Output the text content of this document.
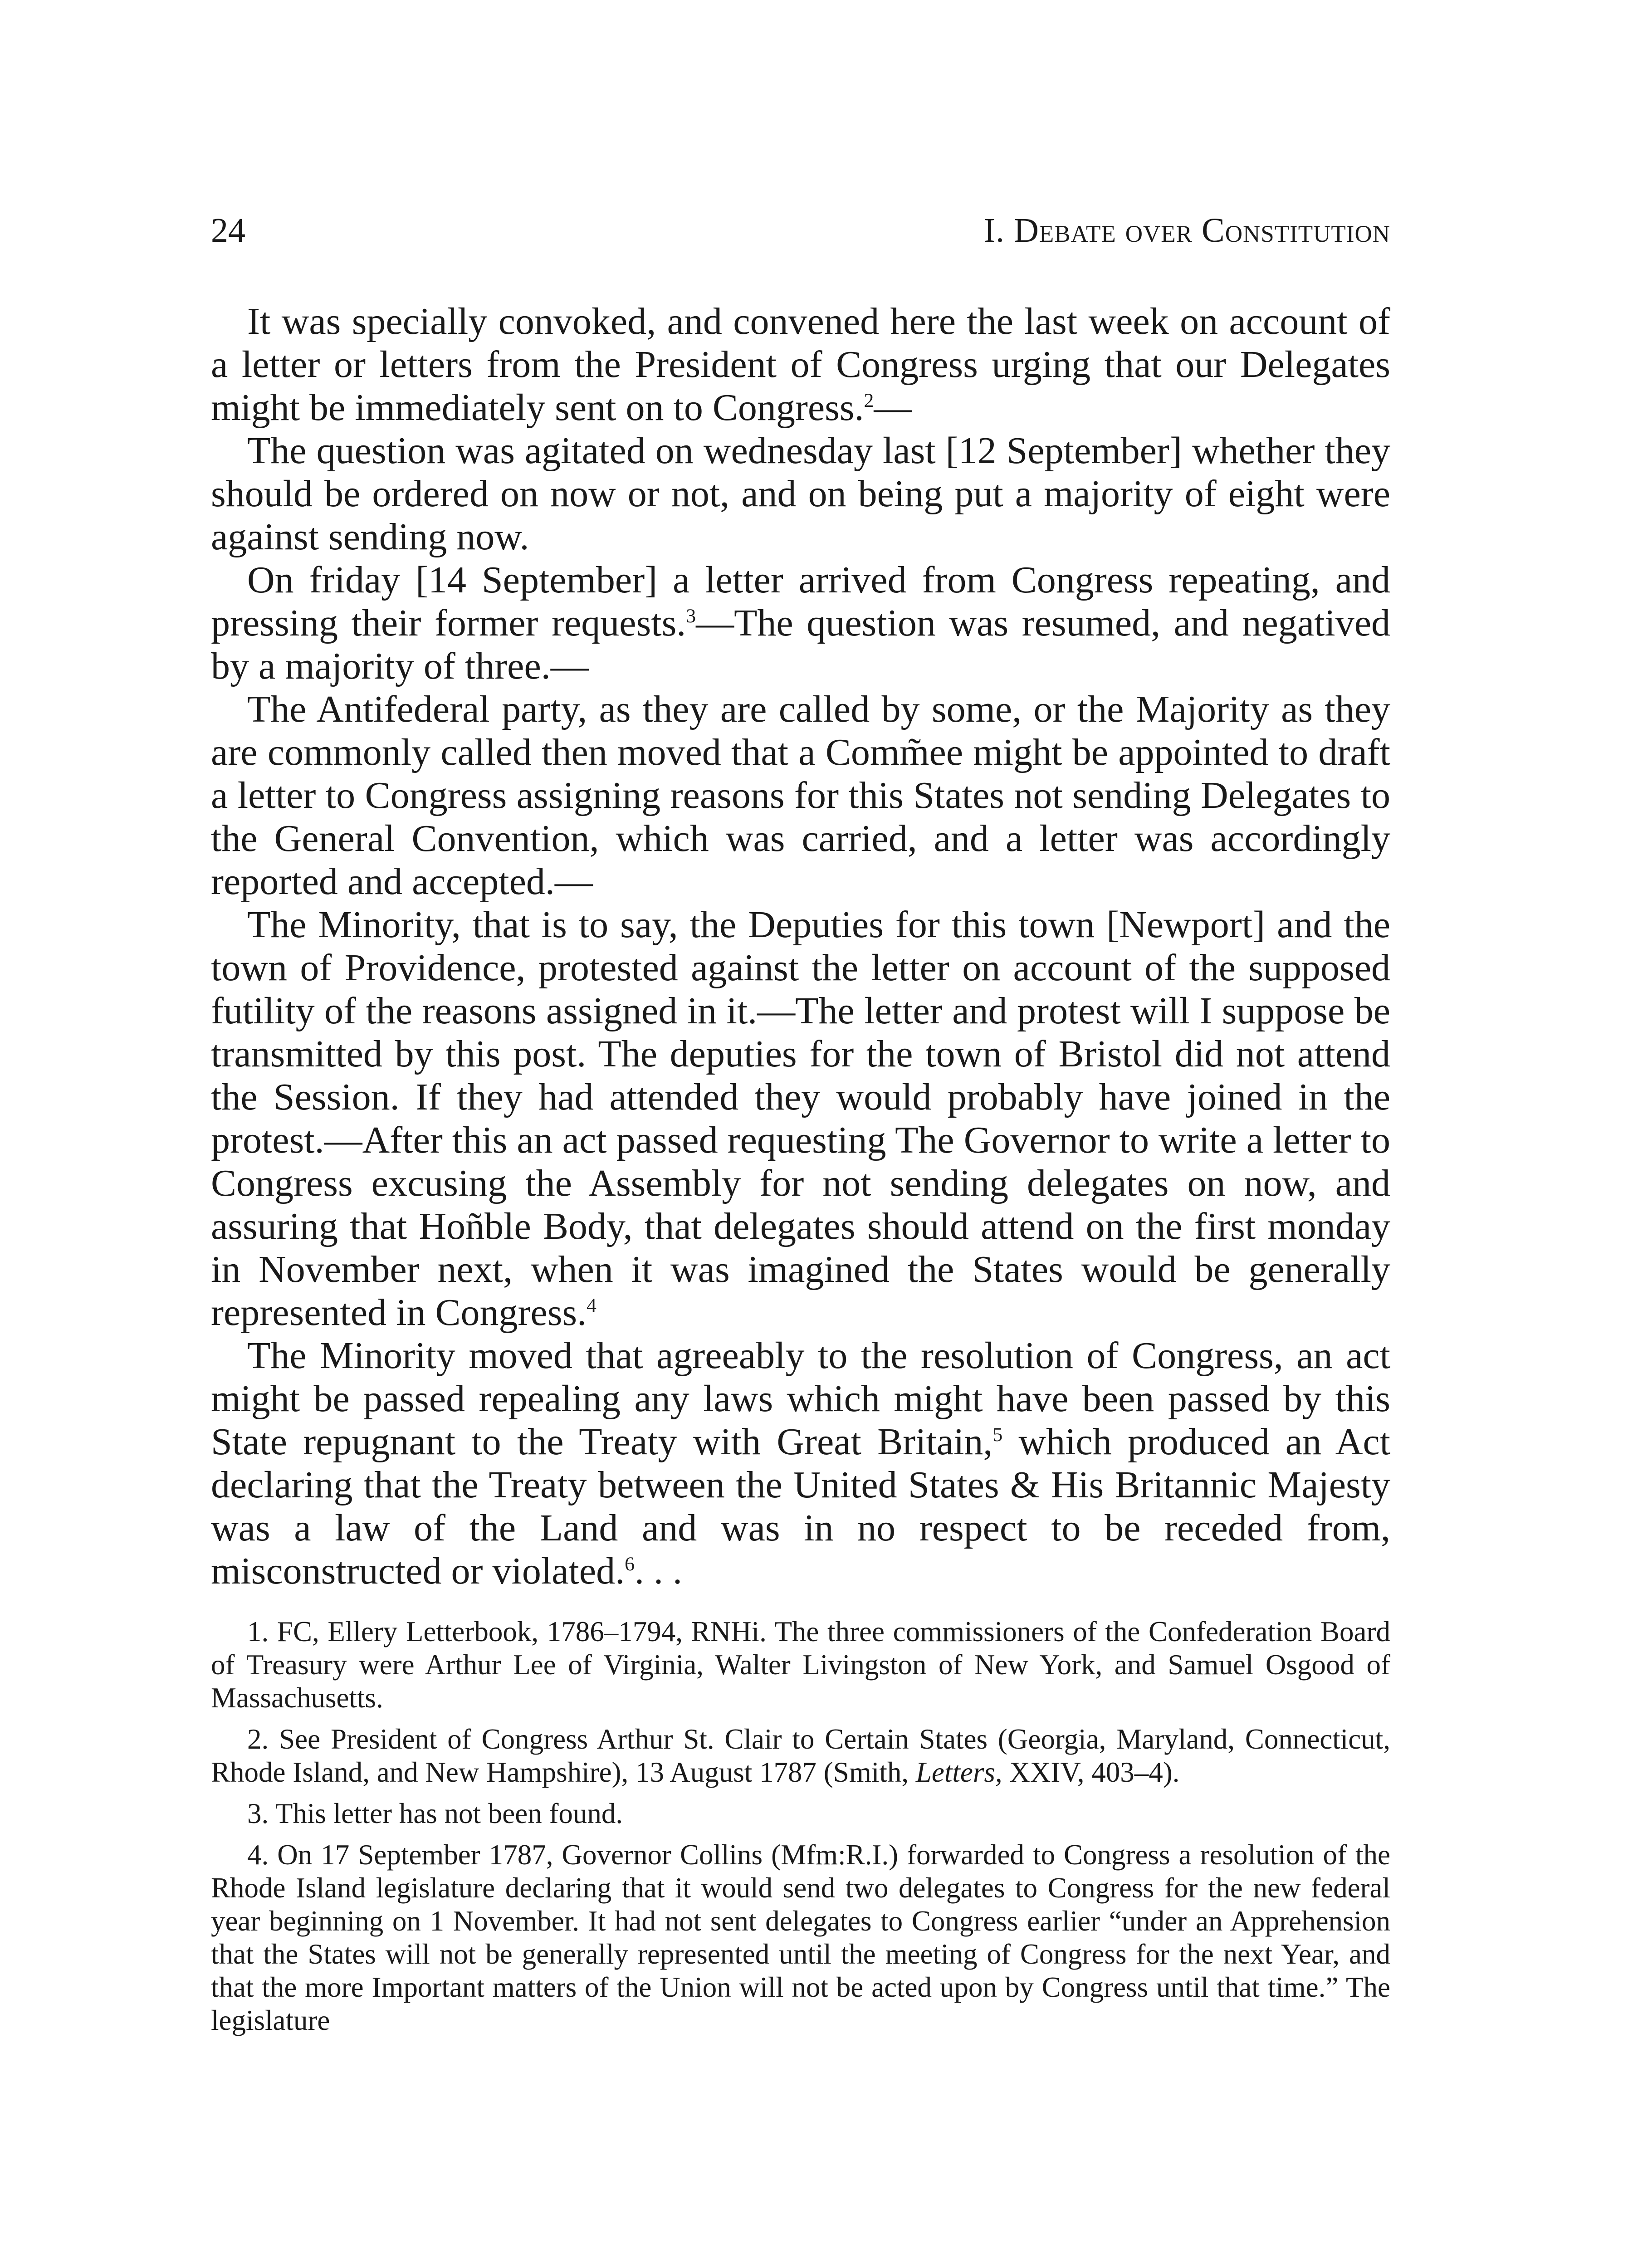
24	I. Debate over Constitution

It was specially convoked, and convened here the last week on account of a letter or letters from the President of Congress urging that our Delegates might be immediately sent on to Congress.$^2$—

The question was agitated on wednesday last [12 September] whether they should be ordered on now or not, and on being put a majority of eight were against sending now.

On friday [14 September] a letter arrived from Congress repeating, and pressing their former requests.$^3$—The question was resumed, and negatived by a majority of three.—

The Antifederal party, as they are called by some, or the Majority as they are commonly called then moved that a Comm̃ee might be appointed to draft a letter to Congress assigning reasons for this States not sending Delegates to the General Convention, which was carried, and a letter was accordingly reported and accepted.—

The Minority, that is to say, the Deputies for this town [Newport] and the town of Providence, protested against the letter on account of the supposed futility of the reasons assigned in it.—The letter and protest will I suppose be transmitted by this post. The deputies for the town of Bristol did not attend the Session. If they had attended they would probably have joined in the protest.—After this an act passed requesting The Governor to write a letter to Congress excusing the Assembly for not sending delegates on now, and assuring that Hoñble Body, that delegates should attend on the first monday in November next, when it was imagined the States would be generally represented in Congress.$^4$

The Minority moved that agreeably to the resolution of Congress, an act might be passed repealing any laws which might have been passed by this State repugnant to the Treaty with Great Britain,$^5$ which produced an Act declaring that the Treaty between the United States & His Britannic Majesty was a law of the Land and was in no respect to be receded from, misconstructed or violated.$^6$. . .

1. FC, Ellery Letterbook, 1786–1794, RNHi. The three commissioners of the Confederation Board of Treasury were Arthur Lee of Virginia, Walter Livingston of New York, and Samuel Osgood of Massachusetts.

2. See President of Congress Arthur St. Clair to Certain States (Georgia, Maryland, Connecticut, Rhode Island, and New Hampshire), 13 August 1787 (Smith, Letters, XXIV, 403–4).

3. This letter has not been found.

4. On 17 September 1787, Governor Collins (Mfm:R.I.) forwarded to Congress a resolution of the Rhode Island legislature declaring that it would send two delegates to Congress for the new federal year beginning on 1 November. It had not sent delegates to Congress earlier “under an Apprehension that the States will not be generally represented until the meeting of Congress for the next Year, and that the more Important matters of the Union will not be acted upon by Congress until that time.” The legislature
